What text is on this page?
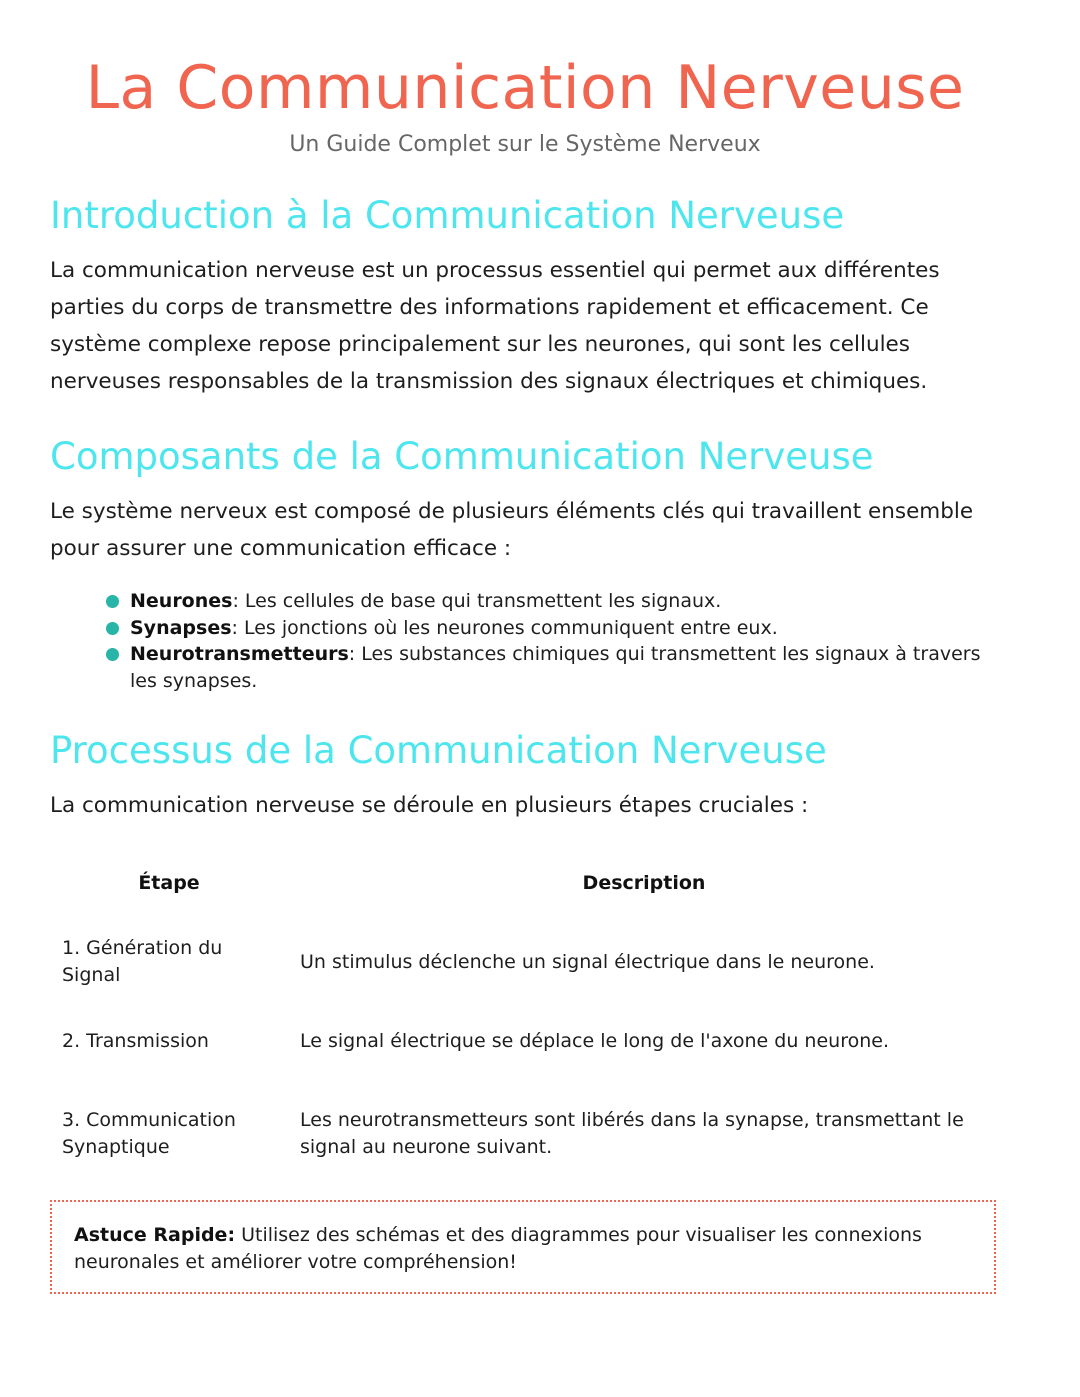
La Communication Nerveuse

Un Guide Complet sur le Système Nerveux

Introduction à la Communication Nerveuse

La communication nerveuse est un processus essentiel qui permet aux différentes parties du corps de transmettre des informations rapidement et efficacement. Ce système complexe repose principalement sur les neurones, qui sont les cellules nerveuses responsables de la transmission des signaux électriques et chimiques.

Composants de la Communication Nerveuse

Le système nerveux est composé de plusieurs éléments clés qui travaillent ensemble pour assurer une communication efficace :

Neurones: Les cellules de base qui transmettent les signaux.
Synapses: Les jonctions où les neurones communiquent entre eux.
Neurotransmetteurs: Les substances chimiques qui transmettent les signaux à travers les synapses.
Processus de la Communication Nerveuse

La communication nerveuse se déroule en plusieurs étapes cruciales :

Étape	Description
1. Génération du Signal	Un stimulus déclenche un signal électrique dans le neurone.
2. Transmission	Le signal électrique se déplace le long de l'axone du neurone.
3. Communication Synaptique	Les neurotransmetteurs sont libérés dans la synapse, transmettant le signal au neurone suivant.
Astuce Rapide: Utilisez des schémas et des diagrammes pour visualiser les connexions neuronales et améliorer votre compréhension!
